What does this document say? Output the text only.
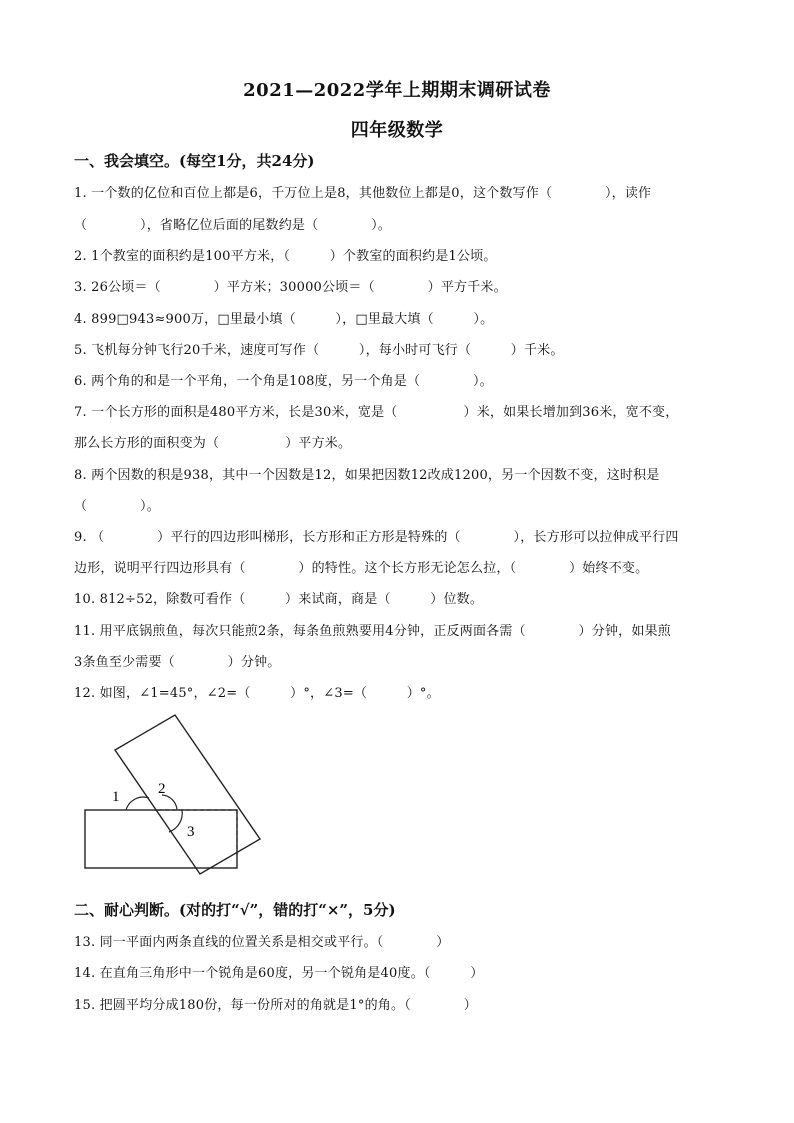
2021—2022学年上期期末调研试卷
四年级数学
一、我会填空。(每空1分，共24分)
1. 一个数的亿位和百位上都是6，千万位上是8，其他数位上都是0，这个数写作（　　　　），读作
（　　　　），省略亿位后面的尾数约是（　　　　）。
2. 1个教室的面积约是100平方米，（　　　）个教室的面积约是1公顷。
3. 26公顷＝（　　　　）平方米；30000公顷＝（　　　　）平方千米。
4. 899□943≈900万，□里最小填（　　　），□里最大填（　　　）。
5. 飞机每分钟飞行20千米，速度可写作（　　　），每小时可飞行（　　　）千米。
6. 两个角的和是一个平角，一个角是108度，另一个角是（　　　　）。
7. 一个长方形的面积是480平方米，长是30米，宽是（　　　　　）米，如果长增加到36米，宽不变，
那么长方形的面积变为（　　　　　）平方米。
8. 两个因数的积是938，其中一个因数是12，如果把因数12改成1200，另一个因数不变，这时积是
（　　　　）。
9. （　　　　）平行的四边形叫梯形，长方形和正方形是特殊的（　　　　），长方形可以拉伸成平行四
边形，说明平行四边形具有（　　　　）的特性。这个长方形无论怎么拉，（　　　　）始终不变。
10. 812÷52，除数可看作（　　　）来试商，商是（　　　）位数。
11. 用平底锅煎鱼，每次只能煎2条，每条鱼煎熟要用4分钟，正反两面各需（　　　　）分钟，如果煎
3条鱼至少需要（　　　　）分钟。
12. 如图，∠1=45°，∠2=（　　　）°，∠3=（　　　）°。
1	2
3
二、耐心判断。(对的打“√”，错的打“×”，5分)
13. 同一平面内两条直线的位置关系是相交或平行。（　　　　）
14. 在直角三角形中一个锐角是60度，另一个锐角是40度。（　　　）
15. 把圆平均分成180份，每一份所对的角就是1°的角。（　　　　）
